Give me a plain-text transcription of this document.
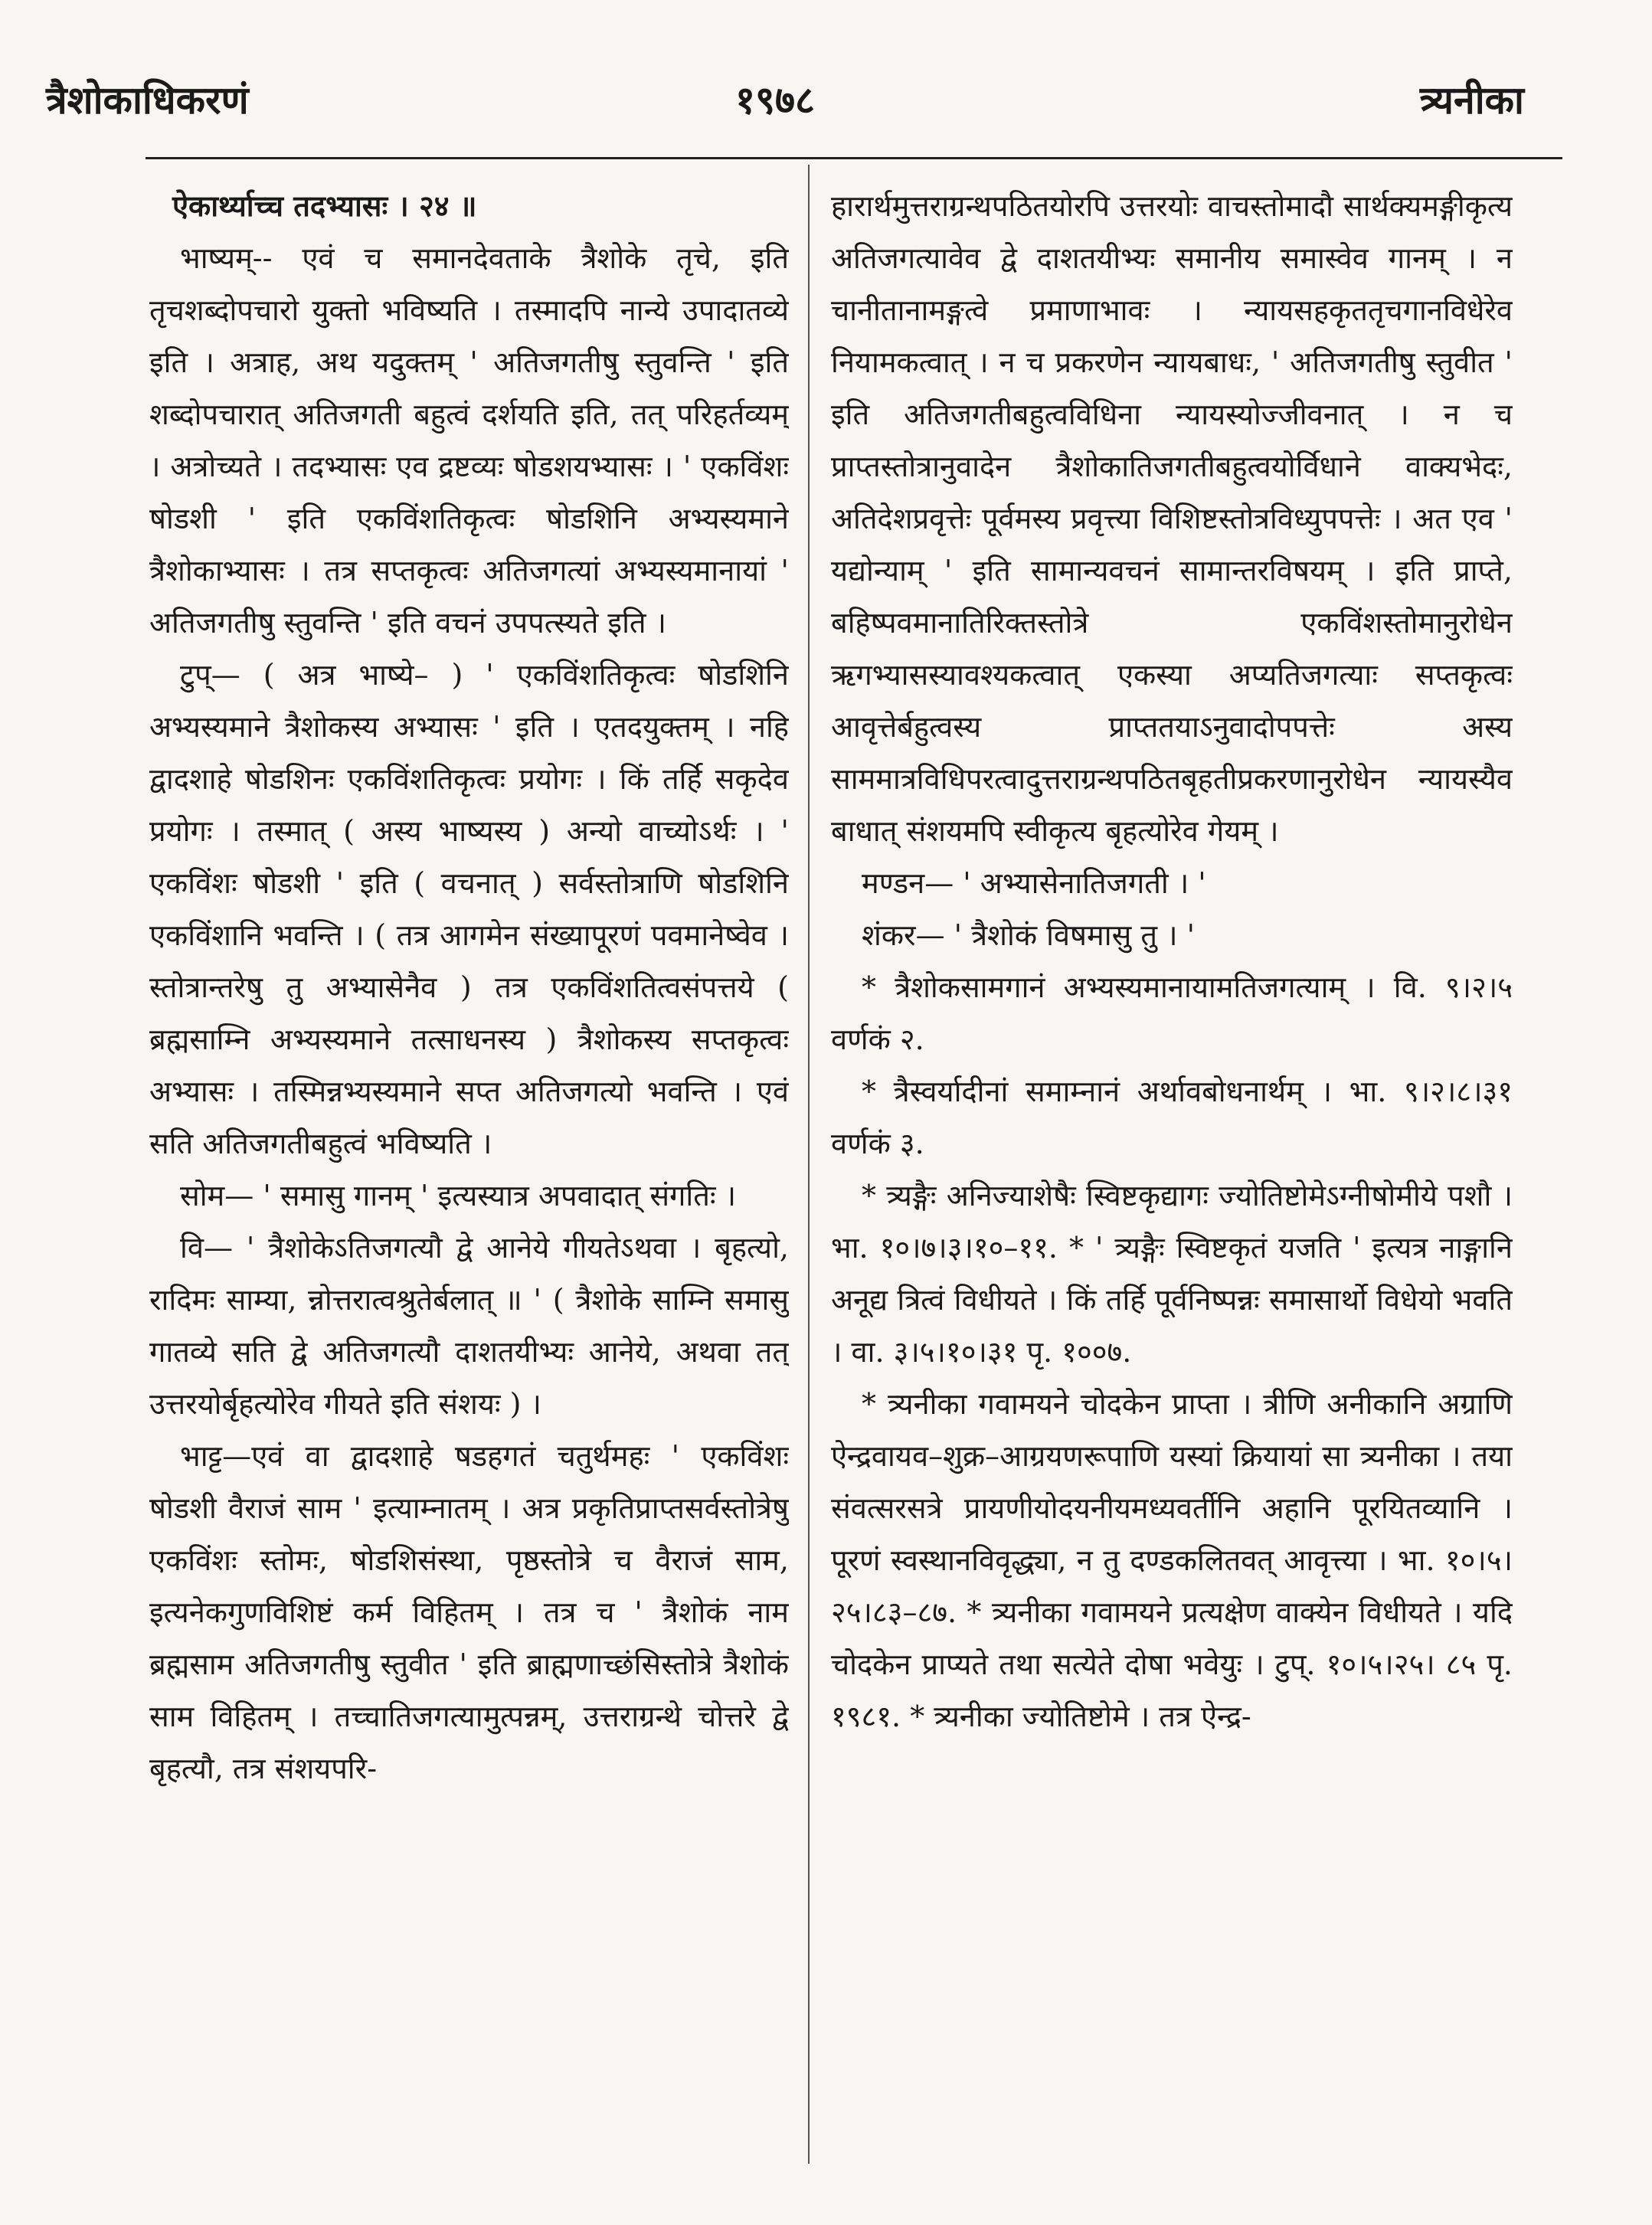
त्रैशोकाधिकरणं	१९७८	त्र्यनीका

ऐकार्थ्याच्च तदभ्यासः । २४ ॥

भाष्यम्-- एवं च समानदेवताके त्रैशोके तृचे, इति तृचशब्दोपचारो युक्तो भविष्यति । तस्मादपि नान्ये उपादातव्ये इति । अत्राह, अथ यदुक्तम् ' अतिजगतीषु स्तुवन्ति ' इति शब्दोपचारात् अतिजगती बहुत्वं दर्शयति इति, तत् परिहर्तव्यम् । अत्रोच्यते । तदभ्यासः एव द्रष्टव्यः षोडशयभ्यासः । ' एकविंशः षोडशी ' इति एकविंशतिकृत्वः षोडशिनि अभ्यस्यमाने त्रैशोकाभ्यासः । तत्र सप्तकृत्वः अतिजगत्यां अभ्यस्यमानायां ' अतिजगतीषु स्तुवन्ति ' इति वचनं उपपत्स्यते इति ।

टुप्— ( अत्र भाष्ये– ) ' एकविंशतिकृत्वः षोडशिनि अभ्यस्यमाने त्रैशोकस्य अभ्यासः ' इति । एतदयुक्तम् । नहि द्वादशाहे षोडशिनः एकविंशतिकृत्वः प्रयोगः । किं तर्हि सकृदेव प्रयोगः । तस्मात् ( अस्य भाष्यस्य ) अन्यो वाच्योऽर्थः । ' एकविंशः षोडशी ' इति ( वचनात् ) सर्वस्तोत्राणि षोडशिनि एकविंशानि भवन्ति । ( तत्र आगमेन संख्यापूरणं पवमानेष्वेव । स्तोत्रान्तरेषु तु अभ्यासेनैव ) तत्र एकविंशतित्वसंपत्तये ( ब्रह्मसाम्नि अभ्यस्यमाने तत्साधनस्य ) त्रैशोकस्य सप्तकृत्वः अभ्यासः । तस्मिन्नभ्यस्यमाने सप्त अतिजगत्यो भवन्ति । एवं सति अतिजगतीबहुत्वं भविष्यति ।

सोम— ' समासु गानम् ' इत्यस्यात्र अपवादात् संगतिः ।

वि— ' त्रैशोकेऽतिजगत्यौ द्वे आनेये गीयतेऽथवा । बृहत्यो, रादिमः साम्या, न्नोत्तरात्वश्रुतेर्बलात् ॥ ' ( त्रैशोके साम्नि समासु गातव्ये सति द्वे अतिजगत्यौ दाशतयीभ्यः आनेये, अथवा तत् उत्तरयोर्बृहत्योरेव गीयते इति संशयः ) ।

भाट्ट—एवं वा द्वादशाहे षडहगतं चतुर्थमहः ' एकविंशः षोडशी वैराजं साम ' इत्याम्नातम् । अत्र प्रकृतिप्राप्तसर्वस्तोत्रेषु एकविंशः स्तोमः, षोडशिसंस्था, पृष्ठस्तोत्रे च वैराजं साम, इत्यनेकगुणविशिष्टं कर्म विहितम् । तत्र च ' त्रैशोकं नाम ब्रह्मसाम अतिजगतीषु स्तुवीत ' इति ब्राह्मणाच्छंसिस्तोत्रे त्रैशोकं साम विहितम् । तच्चातिजगत्यामुत्पन्नम्, उत्तराग्रन्थे चोत्तरे द्वे बृहत्यौ, तत्र संशयपरि-

हारार्थमुत्तराग्रन्थपठितयोरपि उत्तरयोः वाचस्तोमादौ सार्थक्यमङ्गीकृत्य अतिजगत्यावेव द्वे दाशतयीभ्यः समानीय समास्वेव गानम् । न चानीतानामङ्गत्वे प्रमाणाभावः । न्यायसहकृततृचगानविधेरेव नियामकत्वात् । न च प्रकरणेन न्यायबाधः, ' अतिजगतीषु स्तुवीत ' इति अतिजगतीबहुत्वविधिना न्यायस्योज्जीवनात् । न च प्राप्तस्तोत्रानुवादेन त्रैशोकातिजगतीबहुत्वयोर्विधाने वाक्यभेदः, अतिदेशप्रवृत्तेः पूर्वमस्य प्रवृत्त्या विशिष्टस्तोत्रविध्युपपत्तेः । अत एव ' यद्योन्याम् ' इति सामान्यवचनं सामान्तरविषयम् । इति प्राप्ते, बहिष्पवमानातिरिक्तस्तोत्रे एकविंशस्तोमानुरोधेन ऋगभ्यासस्यावश्यकत्वात् एकस्या अप्यतिजगत्याः सप्तकृत्वः आवृत्तेर्बहुत्वस्य प्राप्ततयाऽनुवादोपपत्तेः अस्य साममात्रविधिपरत्वादुत्तराग्रन्थपठितबृहतीप्रकरणानुरोधेन न्यायस्यैव बाधात् संशयमपि स्वीकृत्य बृहत्योरेव गेयम् ।

मण्डन— ' अभ्यासेनातिजगती । '

शंकर— ' त्रैशोकं विषमासु तु । '

* त्रैशोकसामगानं अभ्यस्यमानायामतिजगत्याम् । वि. ९।२।५ वर्णकं २.

* त्रैस्वर्यादीनां समाम्नानं अर्थावबोधनार्थम् । भा. ९।२।८।३१ वर्णकं ३.

* त्र्यङ्गैः अनिज्याशेषैः स्विष्टकृद्यागः ज्योतिष्टोमेऽग्नीषोमीये पशौ । भा. १०।७।३।१०–११. * ' त्र्यङ्गैः स्विष्टकृतं यजति ' इत्यत्र नाङ्गानि अनूद्य त्रित्वं विधीयते । किं तर्हि पूर्वनिष्पन्नः समासार्थो विधेयो भवति । वा. ३।५।१०।३१ पृ. १००७.

* त्र्यनीका गवामयने चोदकेन प्राप्ता । त्रीणि अनीकानि अग्राणि ऐन्द्रवायव–शुक्र–आग्रयणरूपाणि यस्यां क्रियायां सा त्र्यनीका । तया संवत्सरसत्रे प्रायणीयोदयनीयमध्यवर्तीनि अहानि पूरयितव्यानि । पूरणं स्वस्थानविवृद्ध्या, न तु दण्डकलितवत् आवृत्त्या । भा. १०।५।२५।८३–८७. * त्र्यनीका गवामयने प्रत्यक्षेण वाक्येन विधीयते । यदि चोदकेन प्राप्यते तथा सत्येते दोषा भवेयुः । टुप्. १०।५।२५। ८५ पृ. १९८१. * त्र्यनीका ज्योतिष्टोमे । तत्र ऐन्द्र-
